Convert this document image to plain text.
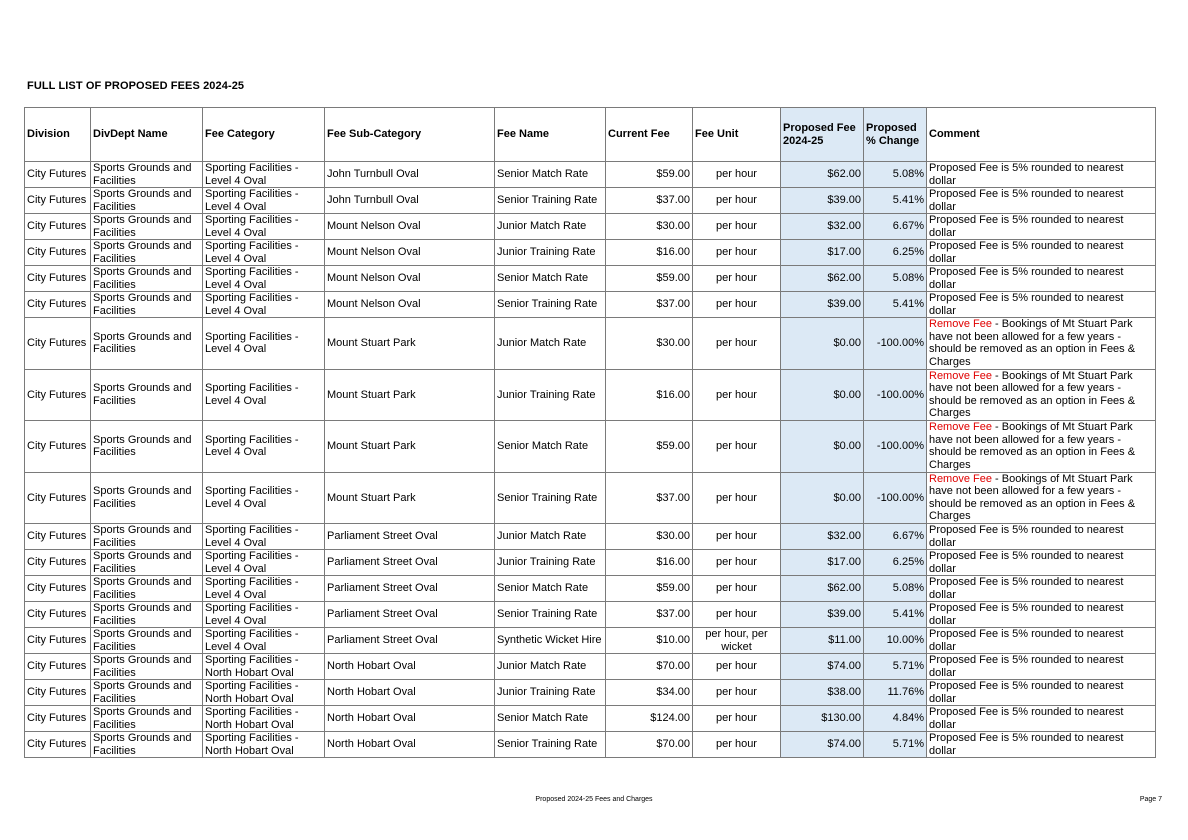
FULL LIST OF PROPOSED FEES 2024-25
Division	DivDept Name	Fee Category	Fee Sub-Category	Fee Name	Current Fee	Fee Unit	Proposed Fee 2024-25	Proposed % Change	Comment
City Futures	Sports Grounds and Facilities	Sporting Facilities - Level 4 Oval	John Turnbull Oval	Senior Match Rate	$59.00	per hour	$62.00	5.08%	Proposed Fee is 5% rounded to nearest dollar
City Futures	Sports Grounds and Facilities	Sporting Facilities - Level 4 Oval	John Turnbull Oval	Senior Training Rate	$37.00	per hour	$39.00	5.41%	Proposed Fee is 5% rounded to nearest dollar
City Futures	Sports Grounds and Facilities	Sporting Facilities - Level 4 Oval	Mount Nelson Oval	Junior Match Rate	$30.00	per hour	$32.00	6.67%	Proposed Fee is 5% rounded to nearest dollar
City Futures	Sports Grounds and Facilities	Sporting Facilities - Level 4 Oval	Mount Nelson Oval	Junior Training Rate	$16.00	per hour	$17.00	6.25%	Proposed Fee is 5% rounded to nearest dollar
City Futures	Sports Grounds and Facilities	Sporting Facilities - Level 4 Oval	Mount Nelson Oval	Senior Match Rate	$59.00	per hour	$62.00	5.08%	Proposed Fee is 5% rounded to nearest dollar
City Futures	Sports Grounds and Facilities	Sporting Facilities - Level 4 Oval	Mount Nelson Oval	Senior Training Rate	$37.00	per hour	$39.00	5.41%	Proposed Fee is 5% rounded to nearest dollar
City Futures	Sports Grounds and Facilities	Sporting Facilities - Level 4 Oval	Mount Stuart Park	Junior Match Rate	$30.00	per hour	$0.00	-100.00%	Remove Fee - Bookings of Mt Stuart Park have not been allowed for a few years - should be removed as an option in Fees & Charges
City Futures	Sports Grounds and Facilities	Sporting Facilities - Level 4 Oval	Mount Stuart Park	Junior Training Rate	$16.00	per hour	$0.00	-100.00%	Remove Fee - Bookings of Mt Stuart Park have not been allowed for a few years - should be removed as an option in Fees & Charges
City Futures	Sports Grounds and Facilities	Sporting Facilities - Level 4 Oval	Mount Stuart Park	Senior Match Rate	$59.00	per hour	$0.00	-100.00%	Remove Fee - Bookings of Mt Stuart Park have not been allowed for a few years - should be removed as an option in Fees & Charges
City Futures	Sports Grounds and Facilities	Sporting Facilities - Level 4 Oval	Mount Stuart Park	Senior Training Rate	$37.00	per hour	$0.00	-100.00%	Remove Fee - Bookings of Mt Stuart Park have not been allowed for a few years - should be removed as an option in Fees & Charges
City Futures	Sports Grounds and Facilities	Sporting Facilities - Level 4 Oval	Parliament Street Oval	Junior Match Rate	$30.00	per hour	$32.00	6.67%	Proposed Fee is 5% rounded to nearest dollar
City Futures	Sports Grounds and Facilities	Sporting Facilities - Level 4 Oval	Parliament Street Oval	Junior Training Rate	$16.00	per hour	$17.00	6.25%	Proposed Fee is 5% rounded to nearest dollar
City Futures	Sports Grounds and Facilities	Sporting Facilities - Level 4 Oval	Parliament Street Oval	Senior Match Rate	$59.00	per hour	$62.00	5.08%	Proposed Fee is 5% rounded to nearest dollar
City Futures	Sports Grounds and Facilities	Sporting Facilities - Level 4 Oval	Parliament Street Oval	Senior Training Rate	$37.00	per hour	$39.00	5.41%	Proposed Fee is 5% rounded to nearest dollar
City Futures	Sports Grounds and Facilities	Sporting Facilities - Level 4 Oval	Parliament Street Oval	Synthetic Wicket Hire	$10.00	per hour, per wicket	$11.00	10.00%	Proposed Fee is 5% rounded to nearest dollar
City Futures	Sports Grounds and Facilities	Sporting Facilities - North Hobart Oval	North Hobart Oval	Junior Match Rate	$70.00	per hour	$74.00	5.71%	Proposed Fee is 5% rounded to nearest dollar
City Futures	Sports Grounds and Facilities	Sporting Facilities - North Hobart Oval	North Hobart Oval	Junior Training Rate	$34.00	per hour	$38.00	11.76%	Proposed Fee is 5% rounded to nearest dollar
City Futures	Sports Grounds and Facilities	Sporting Facilities - North Hobart Oval	North Hobart Oval	Senior Match Rate	$124.00	per hour	$130.00	4.84%	Proposed Fee is 5% rounded to nearest dollar
City Futures	Sports Grounds and Facilities	Sporting Facilities - North Hobart Oval	North Hobart Oval	Senior Training Rate	$70.00	per hour	$74.00	5.71%	Proposed Fee is 5% rounded to nearest dollar
Proposed 2024-25 Fees and Charges	Page 7
